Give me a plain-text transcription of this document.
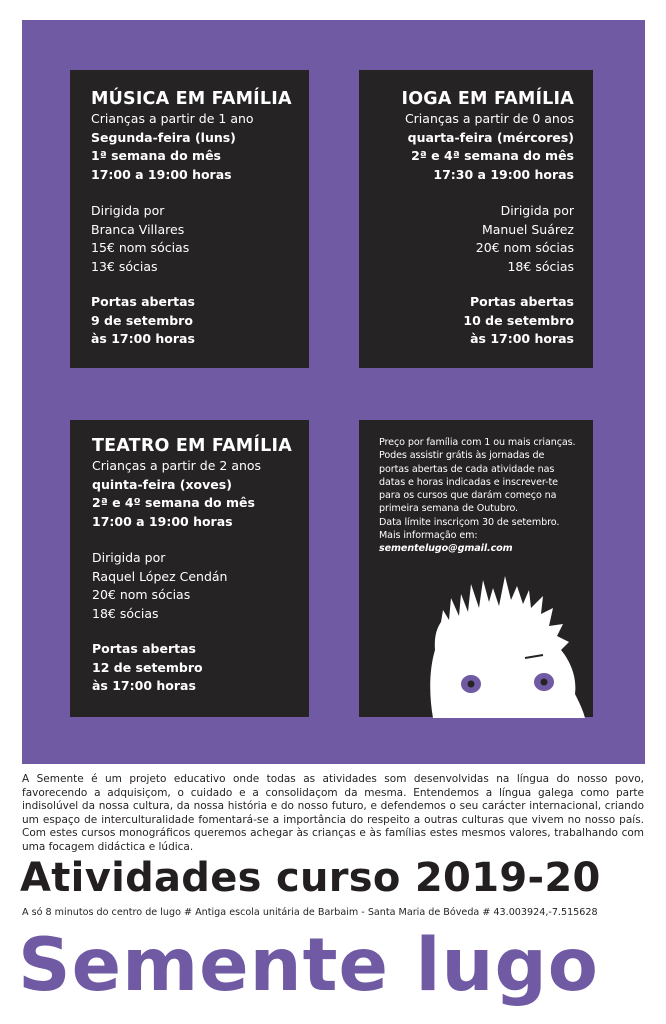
MÚSICA EM FAMÍLIA
Crianças a partir de 1 ano
Segunda-feira (luns)
1ª semana do mês
17:00 a 19:00 horas
Dirigida por
Branca Villares
15€ nom sócias
13€ sócias
Portas abertas
9 de setembro
às 17:00 horas
IOGA EM FAMÍLIA
Crianças a partir de 0 anos
quarta-feira (mércores)
2ª e 4ª semana do mês
17:30 a 19:00 horas
Dirigida por
Manuel Suárez
20€ nom sócias
18€ sócias
Portas abertas
10 de setembro
às 17:00 horas
TEATRO EM FAMÍLIA
Crianças a partir de 2 anos
quinta-feira (xoves)
2ª e 4º semana do mês
17:00 a 19:00 horas
Dirigida por
Raquel López Cendán
20€ nom sócias
18€ sócias
Portas abertas
12 de setembro
às 17:00 horas
Preço por família com 1 ou mais crianças.
Podes assistir grátis às jornadas de
portas abertas de cada atividade nas
datas e horas indicadas e inscrever-te
para os cursos que darám começo na
primeira semana de Outubro.
Data límite inscriçom 30 de setembro.
Mais informação em:
sementelugo@gmail.com
A Semente é um projeto educativo onde todas as atividades som desenvolvidas na língua do nosso povo,
favorecendo a adquisiçom, o cuidado e a consolidaçom da mesma. Entendemos a língua galega como parte
indisolúvel da nossa cultura, da nossa história e do nosso futuro, e defendemos o seu carácter internacional, criando
um espaço de interculturalidade fomentará-se a importância do respeito a outras culturas que vivem no nosso país.
Com estes cursos monográficos queremos achegar às crianças e às famílias estes mesmos valores, trabalhando com
uma focagem didáctica e lúdica.
Atividades curso 2019-20
A só 8 minutos do centro de lugo # Antiga escola unitária de Barbaim - Santa Maria de Bóveda # 43.003924,-7.515628
Semente lugo
